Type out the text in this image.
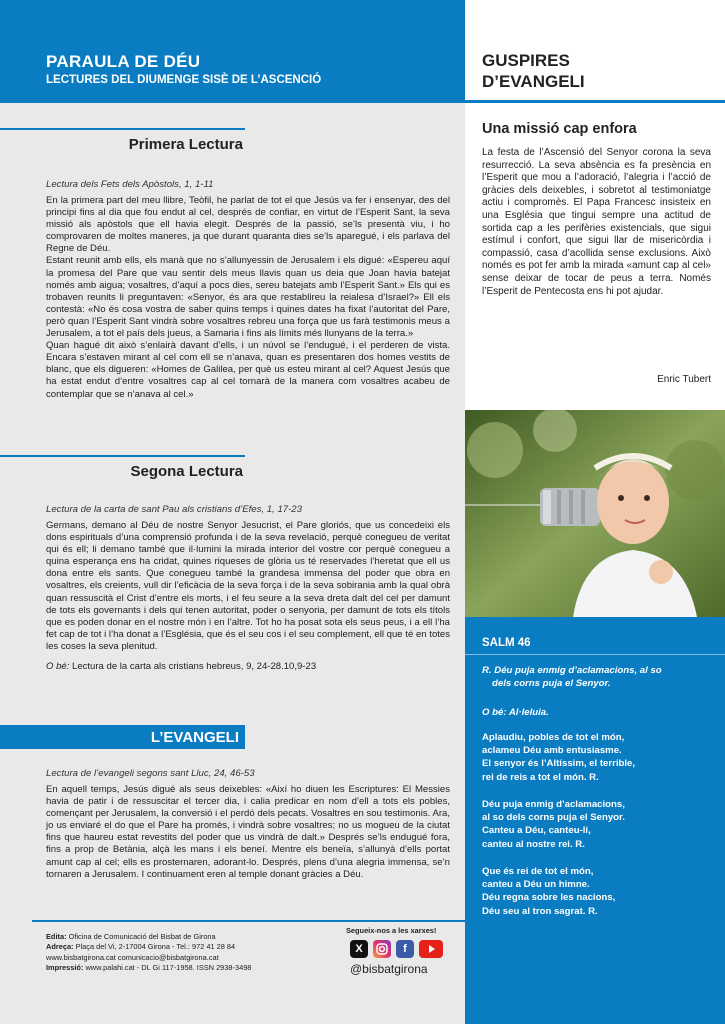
PARAULA DE DÉU
LECTURES DEL DIUMENGE SISÈ DE L’ASCENCIÓ
Primera Lectura
Lectura dels Fets dels Apòstols, 1, 1-11

En la primera part del meu llibre, Teòfil, he parlat de tot el que Jesús va fer i ensenyar, des del principi fins al dia que fou endut al cel, després de confiar, en virtut de l’Esperit Sant, la seva missió als apòstols que ell havia elegit. Després de la passió, se’ls presentà viu, i ho comprovaren de moltes maneres, ja que durant quaranta dies se’ls aparegué, i els parlava del Regne de Déu.

Estant reunit amb ells, els manà que no s’allunyessin de Jerusalem i els digué: «Espereu aquí la promesa del Pare que vau sentir dels meus llavis quan us deia que Joan havia batejat només amb aigua; vosaltres, d’aquí a pocs dies, sereu batejats amb l’Esperit Sant.» Els qui es trobaven reunits li preguntaven: «Senyor, és ara que restablireu la reialesa d’Israel?» Ell els contestà: «No és cosa vostra de saber quins temps i quines dates ha fixat l’autoritat del Pare, però quan l’Esperit Sant vindrà sobre vosaltres rebreu una força que us farà testimonis meus a Jerusalem, a tot el país dels jueus, a Samaria i fins als límits més llunyans de la terra.»

Quan hagué dit això s’enlairà davant d’ells, i un núvol se l’endugué, i el perderen de vista. Encara s’estaven mirant al cel com ell se n’anava, quan es presentaren dos homes vestits de blanc, que els digueren: «Homes de Galilea, per què us esteu mirant al cel? Aquest Jesús que ha estat endut d’entre vosaltres cap al cel tornarà de la manera com vosaltres acabeu de contemplar que se n’anava al cel.»

Segona Lectura
Lectura de la carta de sant Pau als cristians d’Efes, 1, 17-23

Germans, demano al Déu de nostre Senyor Jesucrist, el Pare gloriós, que us concedeixi els dons espirituals d’una comprensió profunda i de la seva revelació, perquè conegueu de veritat qui és ell; li demano també que il·lumini la mirada interior del vostre cor perquè conegueu a quina esperança ens ha cridat, quines riqueses de glòria us té reservades l’heretat que ell us dona entre els sants. Que conegueu també la grandesa immensa del poder que obra en vosaltres, els creients, vull dir l’eficàcia de la seva força i de la seva sobirania amb la qual obrà quan ressuscità el Crist d’entre els morts, i el feu seure a la seva dreta dalt del cel per damunt de tots els governants i dels qui tenen autoritat, poder o senyoria, per damunt de tots els títols que es poden donar en el nostre món i en l’altre. Tot ho ha posat sota els seus peus, i a ell l’ha fet cap de tot i l’ha donat a l’Església, que és el seu cos i el seu complement, ell que té en totes les coses la seva plenitud.

O bé: Lectura de la carta als cristians hebreus, 9, 24-28.10,9-23

L’EVANGELI
Lectura de l’evangeli segons sant Lluc, 24, 46-53

En aquell temps, Jesús digué als seus deixebles: «Així ho diuen les Escriptures: El Messies havia de patir i de ressuscitar el tercer dia, i calia predicar en nom d’ell a tots els pobles, començant per Jerusalem, la conversió i el perdó dels pecats. Vosaltres en sou testimonis. Ara, jo us enviaré el do que el Pare ha promès, i vindrà sobre vosaltres; no us mogueu de la ciutat fins que haureu estat revestits del poder que us vindrà de dalt.» Després se’ls endugué fora, fins a prop de Betània, alçà les mans i els beneí. Mentre els beneïa, s’allunyà d’ells portat amunt cap al cel; ells es prosternaren, adorant-lo. Després, plens d’una alegria immensa, se’n tornaren a Jerusalem. I continuament eren al temple donant gràcies a Déu.

Edita: Oficina de Comunicació del Bisbat de Girona
Adreça: Plaça del Vi, 2-17004 Girona - Tel.: 972 41 28 84
www.bisbatgirona.cat comunicacio@bisbatgirona.cat
Impressió: www.palahi.cat - DL Gi 117-1958. ISSN 2938-3498
Segueix-nos a les xarxes!
X	f
@bisbatgirona
GUSPIRES
D’EVANGELI
Una missió cap enfora
La festa de l’Ascensió del Senyor corona la seva resurrecció. La seva absència es fa presència en l’Esperit que mou a l’adoració, l’alegria i l’acció de gràcies dels deixebles, i sobretot al testimoniatge actiu i compromès. El Papa Francesc insisteix en una Església que tingui sempre una actitud de sortida cap a les perifèries existencials, que sigui estímul i confort, que sigui llar de misericòrdia i compassió, casa d’acollida sense exclusions. Això només es pot fer amb la mirada «amunt cap al cel» sense deixar de tocar de peus a terra. Només l’Esperit de Pentecosta ens hi pot ajudar.
Enric Tubert
SALM 46
R. Déu puja enmig d’aclamacions, al so
dels corns puja el Senyor.
O bé: Al·leluia.
Aplaudiu, pobles de tot el món,
aclameu Déu amb entusiasme.
El senyor és l’Altíssim, el terrible,
rei de reis a tot el món. R.
Déu puja enmig d’aclamacions,
al so dels corns puja el Senyor.
Canteu a Déu, canteu-li,
canteu al nostre rei. R.
Que és rei de tot el món,
canteu a Déu un himne.
Déu regna sobre les nacions,
Déu seu al tron sagrat. R.
